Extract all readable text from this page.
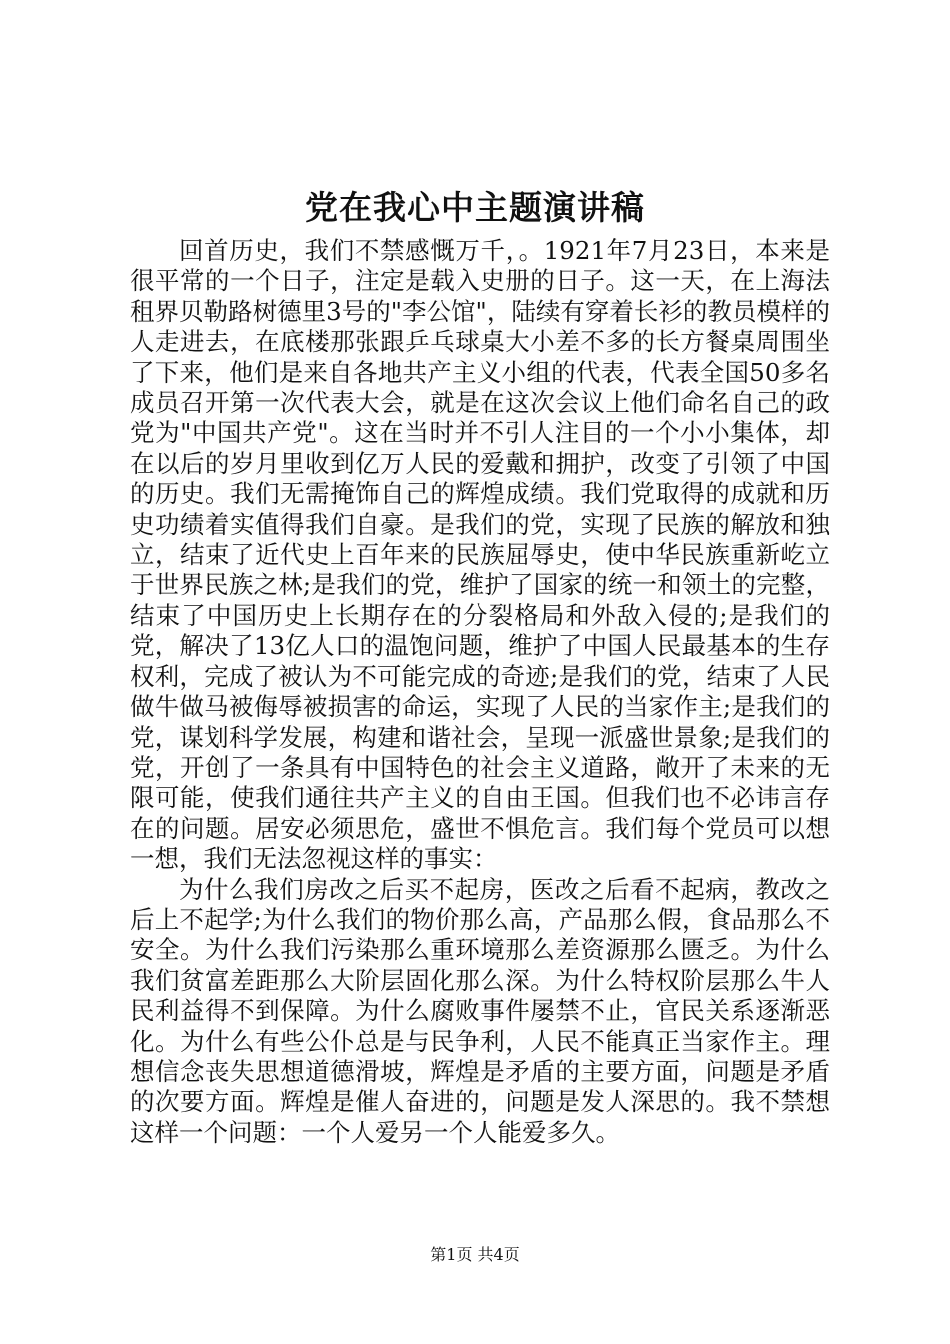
党在我心中主题演讲稿

回首历史，我们不禁感慨万千，。1921年7月23日，本来是很平常的一个日子，注定是载入史册的日子。这一天，在上海法租界贝勒路树德里3号的"李公馆"，陆续有穿着长衫的教员模样的人走进去，在底楼那张跟乒乓球桌大小差不多的长方餐桌周围坐了下来，他们是来自各地共产主义小组的代表，代表全国50多名成员召开第一次代表大会，就是在这次会议上他们命名自己的政党为"中国共产党"。这在当时并不引人注目的一个小小集体，却在以后的岁月里收到亿万人民的爱戴和拥护，改变了引领了中国的历史。我们无需掩饰自己的辉煌成绩。我们党取得的成就和历史功绩着实值得我们自豪。是我们的党，实现了民族的解放和独立，结束了近代史上百年来的民族屈辱史，使中华民族重新屹立于世界民族之林;是我们的党，维护了国家的统一和领土的完整，结束了中国历史上长期存在的分裂格局和外敌入侵的;是我们的党，解决了13亿人口的温饱问题，维护了中国人民最基本的生存权利，完成了被认为不可能完成的奇迹;是我们的党，结束了人民做牛做马被侮辱被损害的命运，实现了人民的当家作主;是我们的党，谋划科学发展，构建和谐社会，呈现一派盛世景象;是我们的党，开创了一条具有中国特色的社会主义道路，敞开了未来的无限可能，使我们通往共产主义的自由王国。但我们也不必讳言存在的问题。居安必须思危，盛世不惧危言。我们每个党员可以想一想，我们无法忽视这样的事实：

为什么我们房改之后买不起房，医改之后看不起病，教改之后上不起学;为什么我们的物价那么高，产品那么假，食品那么不安全。为什么我们污染那么重环境那么差资源那么匮乏。为什么我们贫富差距那么大阶层固化那么深。为什么特权阶层那么牛人民利益得不到保障。为什么腐败事件屡禁不止，官民关系逐渐恶化。为什么有些公仆总是与民争利，人民不能真正当家作主。理想信念丧失思想道德滑坡，辉煌是矛盾的主要方面，问题是矛盾的次要方面。辉煌是催人奋进的，问题是发人深思的。我不禁想这样一个问题：一个人爱另一个人能爱多久。

第1页 共4页
